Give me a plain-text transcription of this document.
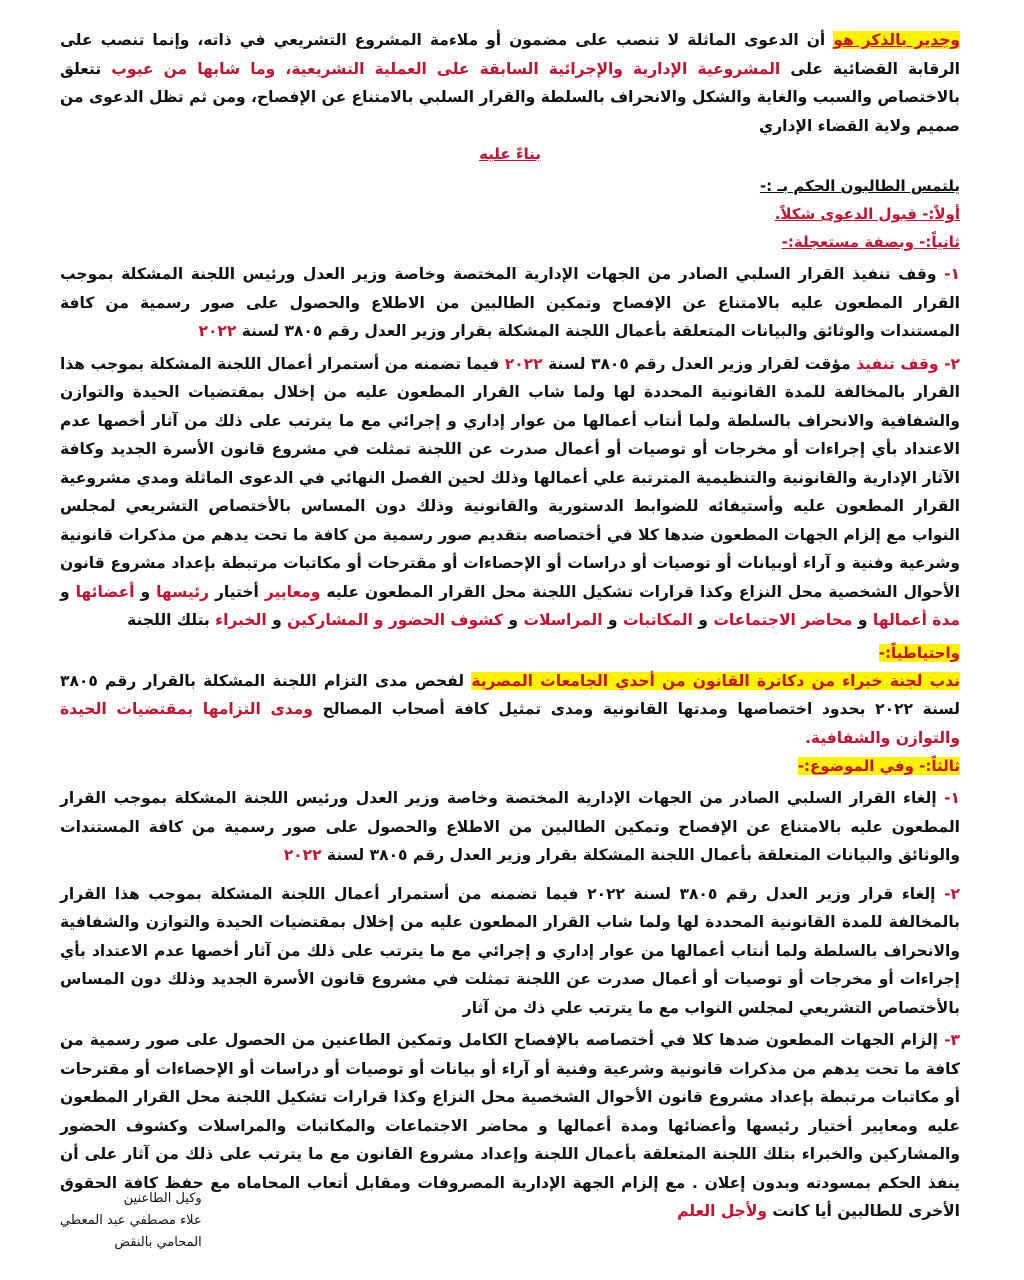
وجدير بالذكر هو أن الدعوى الماثلة لا تنصب على مضمون أو ملاءمة المشروع التشريعي في ذاته، وإنما تنصب على الرقابة القضائية على المشروعية الإدارية والإجرائية السابقة على العملية التشريعية، وما شابها من عيوب تتعلق بالاختصاص والسبب والغاية والشكل والانحراف بالسلطة والقرار السلبي بالامتناع عن الإفصاح، ومن ثم تظل الدعوى من صميم ولاية القضاء الإداري

بناءً عليه

يلتمس الطالبون الحكم بـ :-

أولاً:- قبول الدعوى شكلاً.

ثانياً:- وبصفة مستعجلة:-

١- وقف تنفيذ القرار السلبي الصادر من الجهات الإدارية المختصة وخاصة وزير العدل ورئيس اللجنة المشكلة بموجب القرار المطعون عليه بالامتناع عن الإفصاح وتمكين الطالبين من الاطلاع والحصول على صور رسمية من كافة المستندات والوثائق والبيانات المتعلقة بأعمال اللجنة المشكلة بقرار وزير العدل رقم ٣٨٠٥ لسنة ٢٠٢٢

٢- وقف تنفيذ مؤقت لقرار وزير العدل رقم ٣٨٠٥ لسنة ٢٠٢٢ فيما تضمنه من أستمرار أعمال اللجنة المشكلة بموجب هذا القرار بالمخالفة للمدة القانونية المحددة لها ولما شاب القرار المطعون عليه من إخلال بمقتضيات الحيدة والتوازن والشفافية والانحراف بالسلطة ولما أنتاب أعمالها من عوار إداري و إجرائي مع ما يترتب على ذلك من آثار أخصها عدم الاعتداد بأي إجراءات أو مخرجات أو توصيات أو أعمال صدرت عن اللجنة تمثلت في مشروع قانون الأسرة الجديد وكافة الآثار الإدارية والقانونية والتنظيمية المترتبة علي أعمالها وذلك لحين الفصل النهائي في الدعوى الماثلة ومدي مشروعية القرار المطعون عليه وأستيفائه للضوابط الدستورية والقانونية وذلك دون المساس بالأختصاص التشريعي لمجلس النواب مع إلزام الجهات المطعون ضدها كلا في أختصاصه بتقديم صور رسمية من كافة ما تحت يدهم من مذكرات قانونية وشرعية وفنية و آراء أوبيانات أو توصيات أو دراسات أو الإحصاءات أو مقترحات أو مكاتبات مرتبطة بإعداد مشروع قانون الأحوال الشخصية محل النزاع وكذا قرارات تشكيل اللجنة محل القرار المطعون عليه ومعايير أختيار رئيسها و أعضائها و مدة أعمالها و محاضر الاجتماعات و المكاتبات و المراسلات و كشوف الحضور و المشاركين و الخبراء بتلك اللجنة

واحتياطياً:-

ندب لجنة خبراء من دكاترة القانون من أحدي الجامعات المصرية لفحص مدى التزام اللجنة المشكلة بالقرار رقم ٣٨٠٥ لسنة ٢٠٢٢ بحدود اختصاصها ومدتها القانونية ومدى تمثيل كافة أصحاب المصالح ومدى التزامها بمقتضيات الحيدة والتوازن والشفافية.

ثالثاً:- وفي الموضوع:-

١- إلغاء القرار السلبي الصادر من الجهات الإدارية المختصة وخاصة وزير العدل ورئيس اللجنة المشكلة بموجب القرار المطعون عليه بالامتناع عن الإفصاح وتمكين الطالبين من الاطلاع والحصول على صور رسمية من كافة المستندات والوثائق والبيانات المتعلقة بأعمال اللجنة المشكلة بقرار وزير العدل رقم ٣٨٠٥ لسنة ٢٠٢٢

٢- إلغاء قرار وزير العدل رقم ٣٨٠٥ لسنة ٢٠٢٢ فيما تضمنه من أستمرار أعمال اللجنة المشكلة بموجب هذا القرار بالمخالفة للمدة القانونية المحددة لها ولما شاب القرار المطعون عليه من إخلال بمقتضيات الحيدة والتوازن والشفافية والانحراف بالسلطة ولما أنتاب أعمالها من عوار إداري و إجرائي مع ما يترتب على ذلك من آثار أخصها عدم الاعتداد بأي إجراءات أو مخرجات أو توصيات أو أعمال صدرت عن اللجنة تمثلت في مشروع قانون الأسرة الجديد وذلك دون المساس بالأختصاص التشريعي لمجلس النواب مع ما يترتب علي ذك من آثار

٣- إلزام الجهات المطعون ضدها كلا في أختصاصه بالإفصاح الكامل وتمكين الطاعنين من الحصول على صور رسمية من كافة ما تحت يدهم من مذكرات قانونية وشرعية وفنية أو آراء أو بيانات أو توصيات أو دراسات أو الإحصاءات أو مقترحات أو مكاتبات مرتبطة بإعداد مشروع قانون الأحوال الشخصية محل النزاع وكذا قرارات تشكيل اللجنة محل القرار المطعون عليه ومعايير أختيار رئيسها وأعضائها ومدة أعمالها و محاضر الاجتماعات والمكاتبات والمراسلات وكشوف الحضور والمشاركين والخبراء بتلك اللجنة المتعلقة بأعمال اللجنة وإعداد مشروع القانون مع ما يترتب على ذلك من آثار على أن ينفذ الحكم بمسودته وبدون إعلان . مع إلزام الجهة الإدارية المصروفات ومقابل أتعاب المحاماه مع حفظ كافة الحقوق الأخرى للطالبين أيا كانت ولأجل العلم

وكيل الطاعنين
علاء مصطفي عبد المعطي
المحامي بالنقض
